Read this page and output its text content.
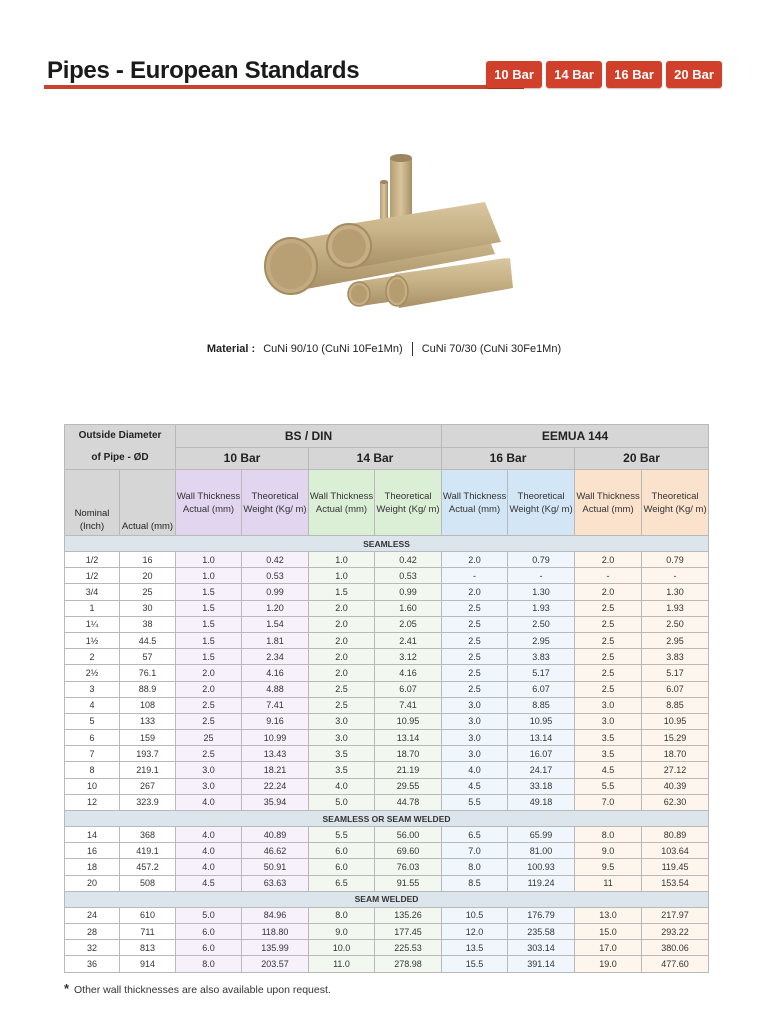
Pipes - European Standards	10 Bar	14 Bar	16 Bar	20 Bar
Material : CuNi 90/10 (CuNi 10Fe1Mn) CuNi 70/30 (CuNi 30Fe1Mn)
Outside Diameter
of Pipe - ØD		BS / DIN				EEMUA 144			
		10 Bar		14 Bar		16 Bar		20 Bar	
Nominal (Inch)	Actual (mm)	Wall Thickness Actual (mm)	Theoretical Weight (Kg/ m)	Wall Thickness Actual (mm)	Theoretical Weight (Kg/ m)	Wall Thickness Actual (mm)	Theoretical Weight (Kg/ m)	Wall Thickness Actual (mm)	Theoretical Weight (Kg/ m)
SEAMLESS									
1/2	16	1.0	0.42	1.0	0.42	2.0	0.79	2.0	0.79
1/2	20	1.0	0.53	1.0	0.53	-	-	-	-
3/4	25	1.5	0.99	1.5	0.99	2.0	1.30	2.0	1.30
1	30	1.5	1.20	2.0	1.60	2.5	1.93	2.5	1.93
1¼	38	1.5	1.54	2.0	2.05	2.5	2.50	2.5	2.50
1½	44.5	1.5	1.81	2.0	2.41	2.5	2.95	2.5	2.95
2	57	1.5	2.34	2.0	3.12	2.5	3.83	2.5	3.83
2½	76.1	2.0	4.16	2.0	4.16	2.5	5.17	2.5	5.17
3	88.9	2.0	4.88	2.5	6.07	2.5	6.07	2.5	6.07
4	108	2.5	7.41	2.5	7.41	3.0	8.85	3.0	8.85
5	133	2.5	9.16	3.0	10.95	3.0	10.95	3.0	10.95
6	159	25	10.99	3.0	13.14	3.0	13.14	3.5	15.29
7	193.7	2.5	13.43	3.5	18.70	3.0	16.07	3.5	18.70
8	219.1	3.0	18.21	3.5	21.19	4.0	24.17	4.5	27.12
10	267	3.0	22.24	4.0	29.55	4.5	33.18	5.5	40.39
12	323.9	4.0	35.94	5.0	44.78	5.5	49.18	7.0	62.30
SEAMLESS OR SEAM WELDED									
14	368	4.0	40.89	5.5	56.00	6.5	65.99	8.0	80.89
16	419.1	4.0	46.62	6.0	69.60	7.0	81.00	9.0	103.64
18	457.2	4.0	50.91	6.0	76.03	8.0	100.93	9.5	119.45
20	508	4.5	63.63	6.5	91.55	8.5	119.24	11	153.54
SEAM WELDED									
24	610	5.0	84.96	8.0	135.26	10.5	176.79	13.0	217.97
28	711	6.0	118.80	9.0	177.45	12.0	235.58	15.0	293.22
32	813	6.0	135.99	10.0	225.53	13.5	303.14	17.0	380.06
36	914	8.0	203.57	11.0	278.98	15.5	391.14	19.0	477.60
* Other wall thicknesses are also available upon request.
